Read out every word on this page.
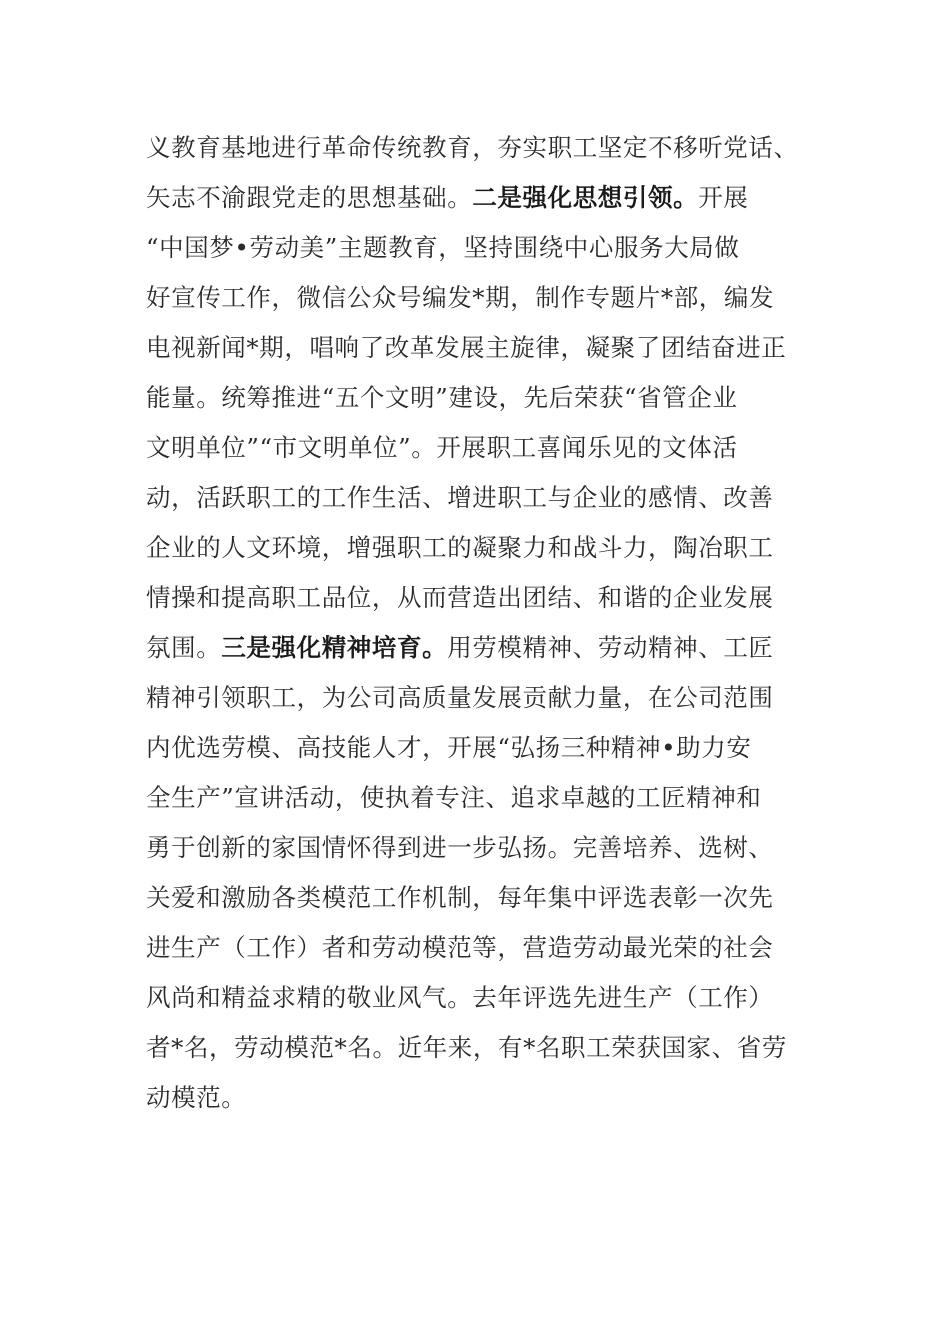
义教育基地进行革命传统教育，夯实职工坚定不移听党话、
矢志不渝跟党走的思想基础。二是强化思想引领。开展
“中国梦•劳动美”主题教育，坚持围绕中心服务大局做
好宣传工作，微信公众号编发*期，制作专题片*部，编发
电视新闻*期，唱响了改革发展主旋律，凝聚了团结奋进正
能量。统筹推进“五个文明”建设，先后荣获“省管企业
文明单位”“市文明单位”。开展职工喜闻乐见的文体活
动，活跃职工的工作生活、增进职工与企业的感情、改善
企业的人文环境，增强职工的凝聚力和战斗力，陶冶职工
情操和提高职工品位，从而营造出团结、和谐的企业发展
氛围。三是强化精神培育。用劳模精神、劳动精神、工匠
精神引领职工，为公司高质量发展贡献力量，在公司范围
内优选劳模、高技能人才，开展“弘扬三种精神•助力安
全生产”宣讲活动，使执着专注、追求卓越的工匠精神和
勇于创新的家国情怀得到进一步弘扬。完善培养、选树、
关爱和激励各类模范工作机制，每年集中评选表彰一次先
进生产（工作）者和劳动模范等，营造劳动最光荣的社会
风尚和精益求精的敬业风气。去年评选先进生产（工作）
者*名，劳动模范*名。近年来，有*名职工荣获国家、省劳
动模范。
